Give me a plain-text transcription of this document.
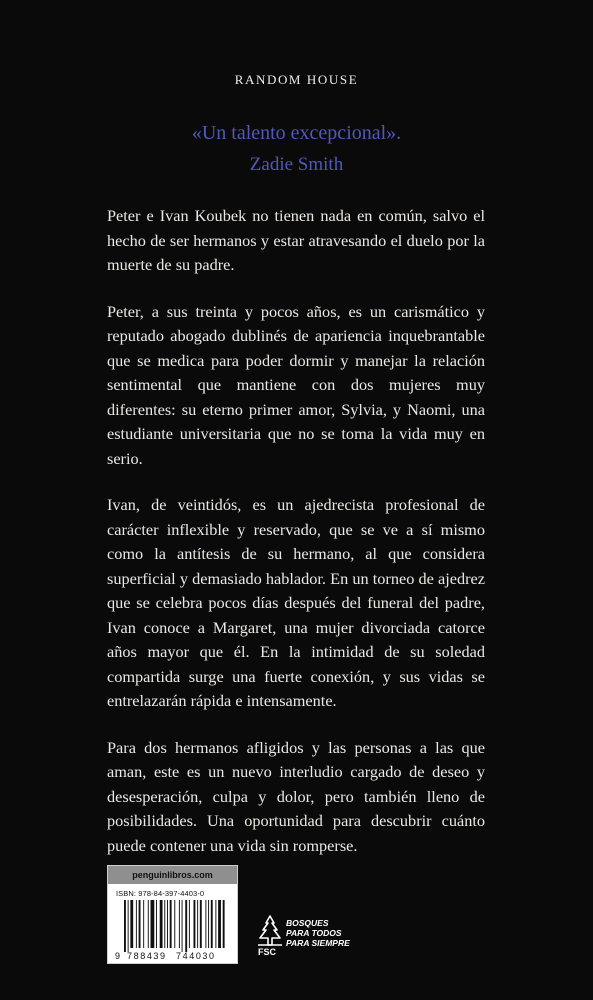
RANDOM HOUSE
«Un talento excepcional».
Zadie Smith

Peter e Ivan Koubek no tienen nada en común, salvo el hecho de ser hermanos y estar atravesando el duelo por la muerte de su padre.

Peter, a sus treinta y pocos años, es un carismático y reputado abogado dublinés de apariencia inquebrantable que se medica para poder dormir y manejar la relación sentimental que mantiene con dos mujeres muy diferentes: su eterno primer amor, Sylvia, y Naomi, una estudiante universitaria que no se toma la vida muy en serio.

Ivan, de veintidós, es un ajedrecista profesional de carácter inflexible y reservado, que se ve a sí mismo como la antítesis de su hermano, al que considera superficial y demasiado hablador. En un torneo de ajedrez que se celebra pocos días después del funeral del padre, Ivan conoce a Margaret, una mujer divorciada catorce años mayor que él. En la intimidad de su soledad compartida surge una fuerte conexión, y sus vidas se entrelazarán rápida e intensamente.

Para dos hermanos afligidos y las personas a las que aman, este es un nuevo interludio cargado de deseo y desesperación, culpa y dolor, pero también lleno de posibilidades. Una oportunidad para descubrir cuánto puede contener una vida sin romperse.

penguinlibros.com
ISBN: 978-84-397-4403-0
9 788439 744030	FSC
BOSQUES
PARA TODOS
PARA SIEMPRE
